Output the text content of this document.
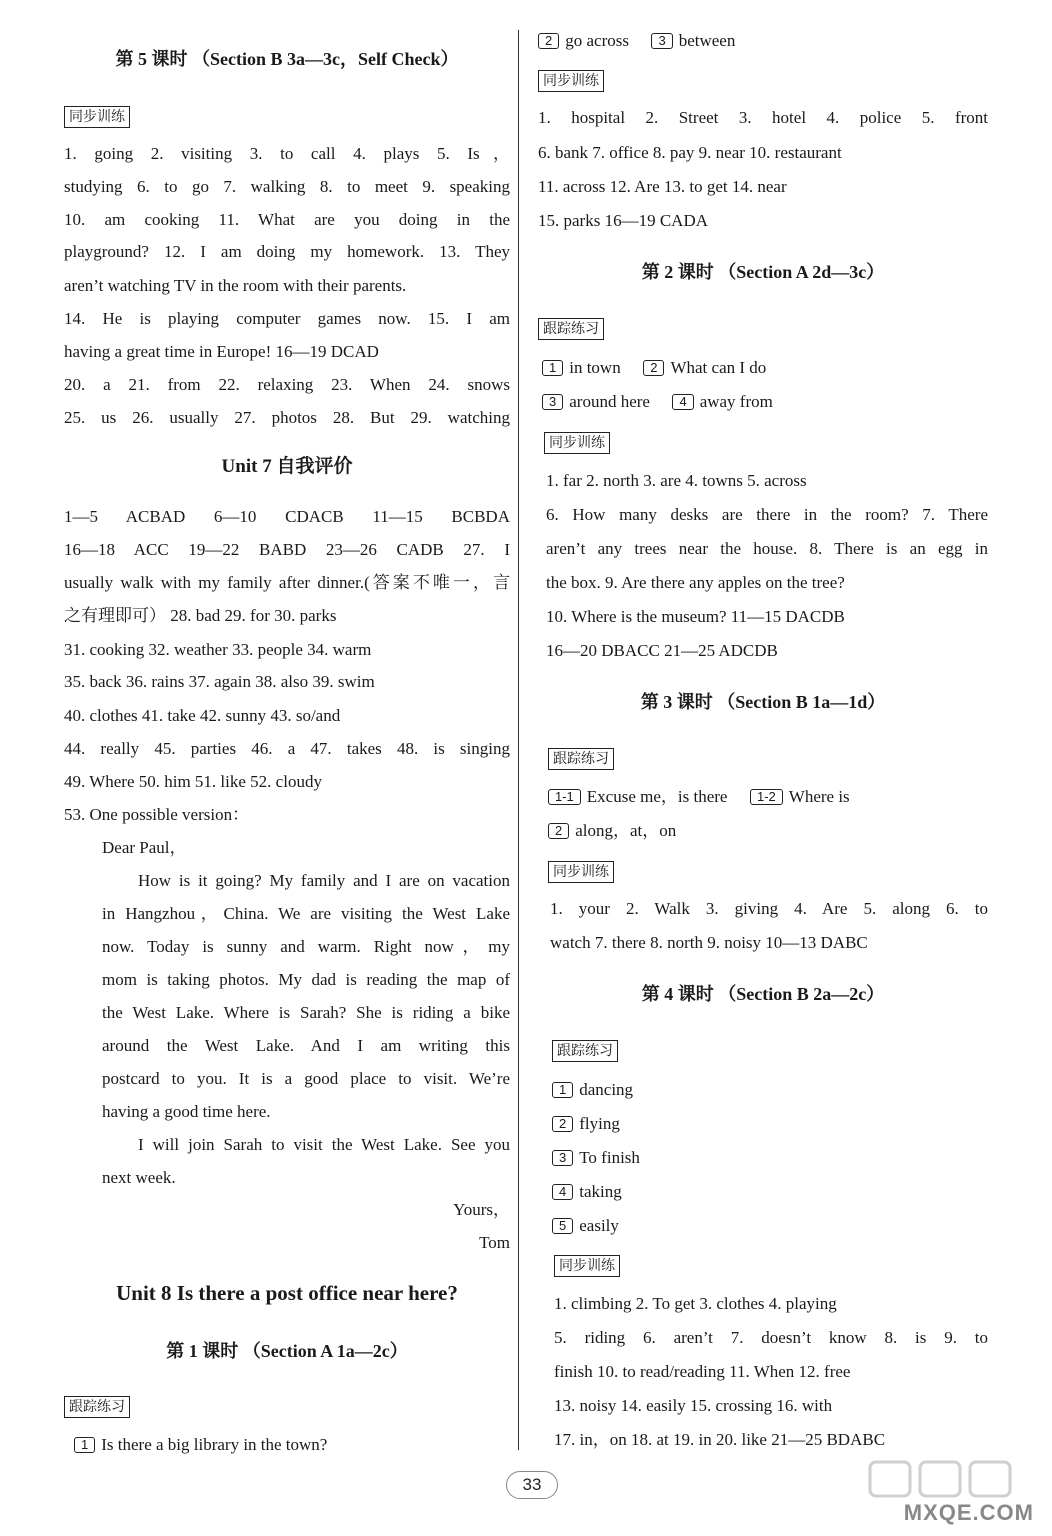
第 5 课时 （Section B 3a—3c，Self Check）
同步训练
1. going 2. visiting 3. to call 4. plays 5. Is，
studying 6. to go 7. walking 8. to meet 9. speaking
10. am cooking 11. What are you doing in the
playground? 12. I am doing my homework. 13. They
aren’t watching TV in the room with their parents.
14. He is playing computer games now. 15. I am
having a great time in Europe! 16—19 DCAD
20. a 21. from 22. relaxing 23. When 24. snows
25. us 26. usually 27. photos 28. But 29. watching
Unit 7 自我评价
1—5 ACBAD 6—10 CDACB 11—15 BCBDA
16—18 ACC 19—22 BABD 23—26 CADB 27. I
usually walk with my family after dinner.(答案不唯一，言
之有理即可） 28. bad 29. for 30. parks
31. cooking 32. weather 33. people 34. warm
35. back 36. rains 37. again 38. also 39. swim
40. clothes 41. take 42. sunny 43. so/and
44. really 45. parties 46. a 47. takes 48. is singing
49. Where 50. him 51. like 52. cloudy
53. One possible version：
Dear Paul，
How is it going? My family and I are on vacation
in Hangzhou，China. We are visiting the West Lake
now. Today is sunny and warm. Right now，my
mom is taking photos. My dad is reading the map of
the West Lake. Where is Sarah? She is riding a bike
around the West Lake. And I am writing this
postcard to you. It is a good place to visit. We’re
having a good time here.
I will join Sarah to visit the West Lake. See you
next week.
Yours，
Tom
Unit 8 Is there a post office near here?
第 1 课时 （Section A 1a—2c）
跟踪练习
1 Is there a big library in the town?
2 go across 3 between
同步训练
1. hospital 2. Street 3. hotel 4. police 5. front
6. bank 7. office 8. pay 9. near 10. restaurant
11. across 12. Are 13. to get 14. near
15. parks 16—19 CADA
第 2 课时 （Section A 2d—3c）
跟踪练习
1 in town 2 What can I do
3 around here 4 away from
同步训练
1. far 2. north 3. are 4. towns 5. across
6. How many desks are there in the room? 7. There
aren’t any trees near the house. 8. There is an egg in
the box. 9. Are there any apples on the tree?
10. Where is the museum? 11—15 DACDB
16—20 DBACC 21—25 ADCDB
第 3 课时 （Section B 1a—1d）
跟踪练习
1-1 Excuse me，is there 1-2 Where is
2 along，at，on
同步训练
1. your 2. Walk 3. giving 4. Are 5. along 6. to
watch 7. there 8. north 9. noisy 10—13 DABC
第 4 课时 （Section B 2a—2c）
跟踪练习
1 dancing
2 flying
3 To finish
4 taking
5 easily
同步训练
1. climbing 2. To get 3. clothes 4. playing
5. riding 6. aren’t 7. doesn’t know 8. is 9. to
finish 10. to read/reading 11. When 12. free
13. noisy 14. easily 15. crossing 16. with
17. in，on 18. at 19. in 20. like 21—25 BDABC
33
MXQE.COM
